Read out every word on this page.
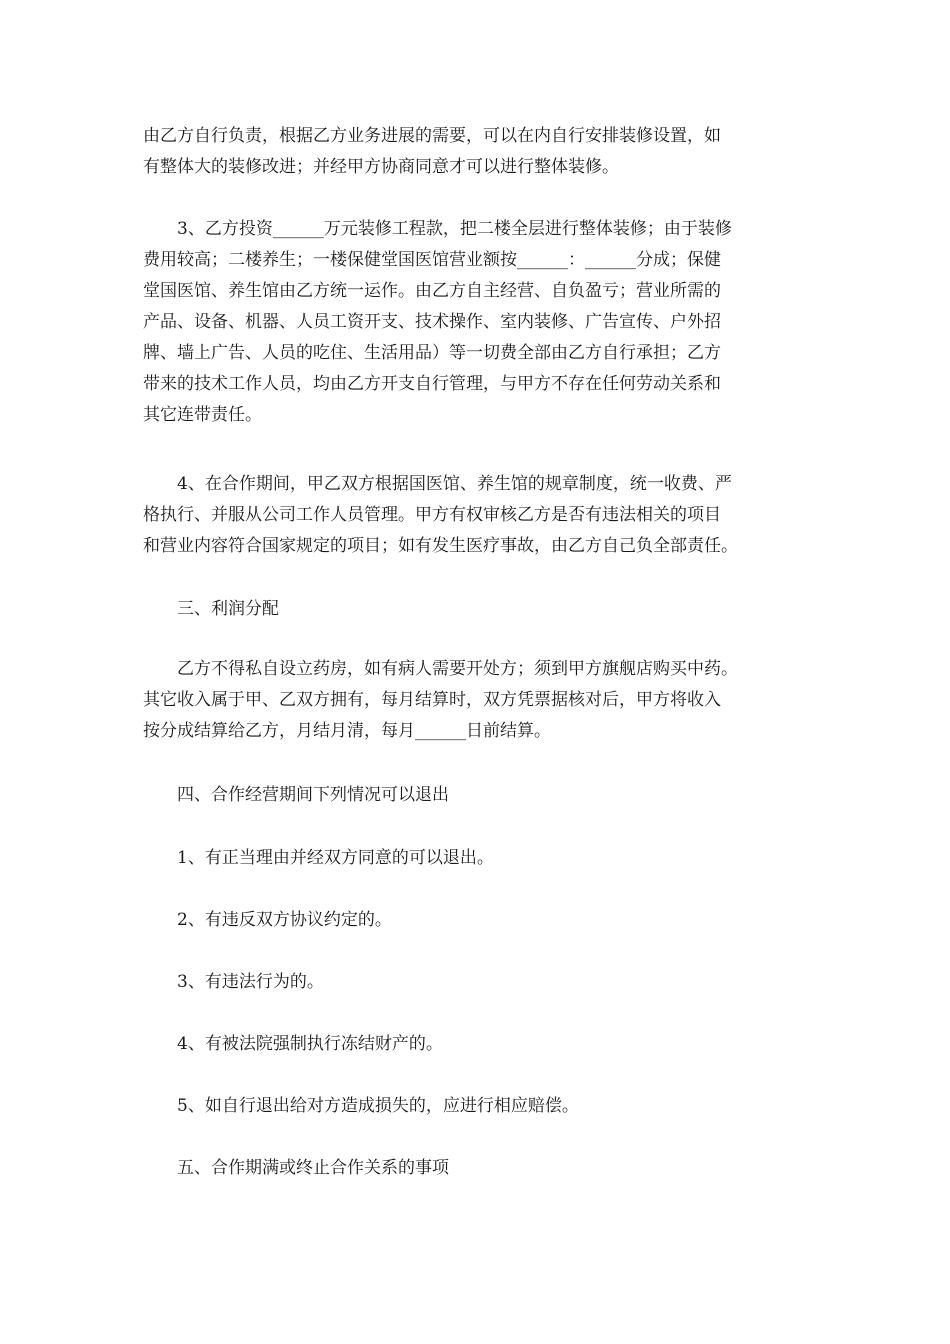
由乙方自行负责，根据乙方业务进展的需要，可以在内自行安排装修设置，如
有整体大的装修改进；并经甲方协商同意才可以进行整体装修。
　　3、乙方投资______万元装修工程款，把二楼全层进行整体装修；由于装修
费用较高；二楼养生；一楼保健堂国医馆营业额按______：______分成；保健
堂国医馆、养生馆由乙方统一运作。由乙方自主经营、自负盈亏；营业所需的
产品、设备、机器、人员工资开支、技术操作、室内装修、广告宣传、户外招
牌、墙上广告、人员的吃住、生活用品）等一切费全部由乙方自行承担；乙方
带来的技术工作人员，均由乙方开支自行管理，与甲方不存在任何劳动关系和
其它连带责任。
　　4、在合作期间，甲乙双方根据国医馆、养生馆的规章制度，统一收费、严
格执行、并服从公司工作人员管理。甲方有权审核乙方是否有违法相关的项目
和营业内容符合国家规定的项目；如有发生医疗事故，由乙方自己负全部责任。
　　三、利润分配
　　乙方不得私自设立药房，如有病人需要开处方；须到甲方旗舰店购买中药。
其它收入属于甲、乙双方拥有，每月结算时，双方凭票据核对后，甲方将收入
按分成结算给乙方，月结月清，每月______日前结算。
　　四、合作经营期间下列情况可以退出
　　1、有正当理由并经双方同意的可以退出。
　　2、有违反双方协议约定的。
　　3、有违法行为的。
　　4、有被法院强制执行冻结财产的。
　　5、如自行退出给对方造成损失的，应进行相应赔偿。
　　五、合作期满或终止合作关系的事项
